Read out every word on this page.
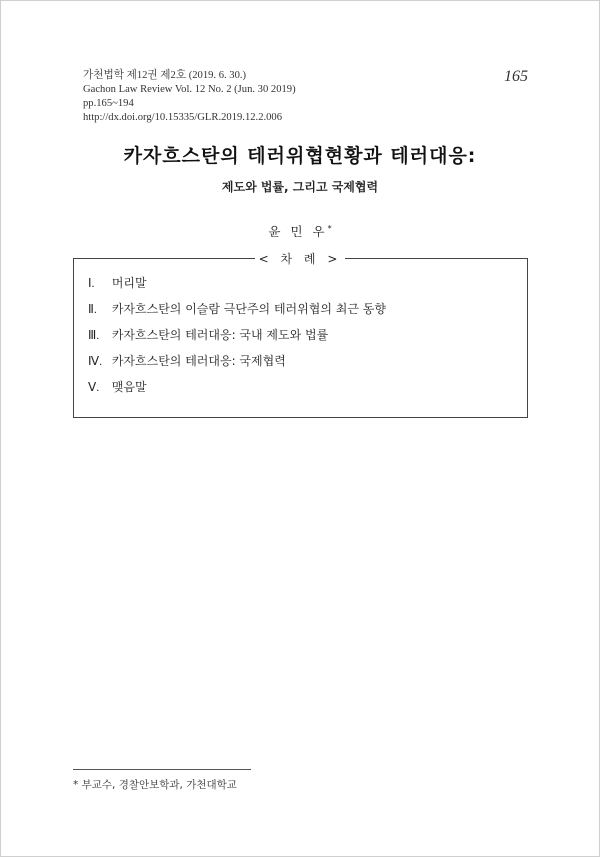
가천법학 제12권 제2호 (2019. 6. 30.)
Gachon Law Review Vol. 12 No. 2 (Jun. 30 2019)
pp.165~194
http://dx.doi.org/10.15335/GLR.2019.12.2.006
165
카자흐스탄의 테러위협현황과 테러대응:
제도와 법률, 그리고 국제협력
윤 민 우*
< 차 례 >
Ⅰ. 머리말
Ⅱ. 카자흐스탄의 이슬람 극단주의 테러위협의 최근 동향
Ⅲ. 카자흐스탄의 테러대응: 국내 제도와 법률
Ⅳ. 카자흐스탄의 테러대응: 국제협력
Ⅴ. 맺음말
* 부교수, 경찰안보학과, 가천대학교
